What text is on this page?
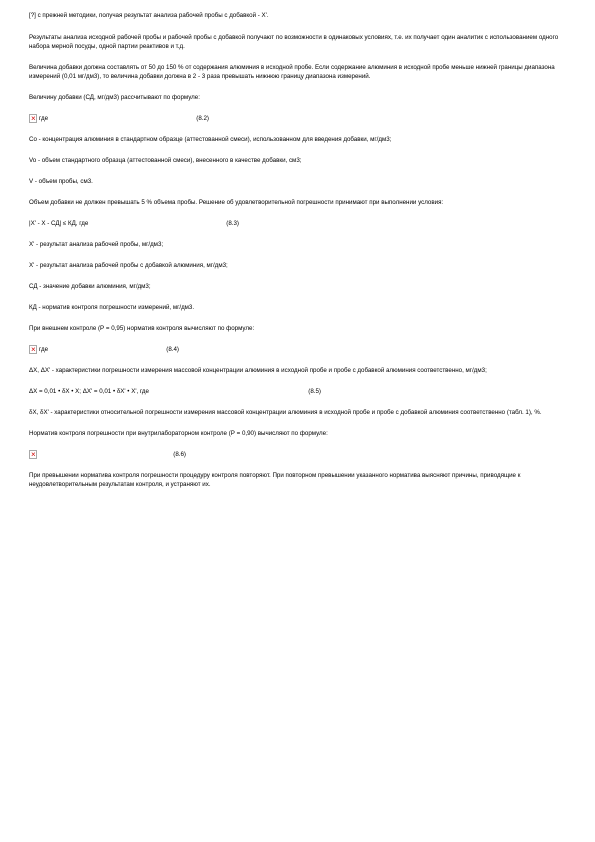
[?] с прежней методики, получая результат анализа рабочей пробы с добавкой - Х'.
Результаты анализа исходной рабочей пробы и рабочей пробы с добавкой получают по возможности в одинаковых условиях, т.е. их получает один аналитик с использованием одного набора мерной посуды, одной партии реактивов и т.д.
Величина добавки должна составлять от 50 до 150 % от содержания алюминия в исходной пробе. Если содержание алюминия в исходной пробе меньше нижней границы диапазона измерений (0,01 мг/дм3), то величина добавки должна в 2 - 3 раза превышать нижнюю границу диапазона измерений.
Величину добавки (СД, мг/дм3) рассчитывают по формуле:
×
где	(8.2)
Сo - концентрация алюминия в стандартном образце (аттестованной смеси), использованном для введения добавки, мг/дм3;
Vo - объем стандартного образца (аттестованной смеси), внесенного в качестве добавки, см3;
V - объем пробы, см3.
Объем добавки не должен превышать 5 % объема пробы. Решение об удовлетворительной погрешности принимают при выполнении условия:
|Х' - Х - СД| ≤ КД, где	(8.3)
Х' - результат анализа рабочей пробы, мг/дм3;
Х' - результат анализа рабочей пробы с добавкой алюминия, мг/дм3;
СД - значение добавки алюминия, мг/дм3;
КД - норматив контроля погрешности измерений, мг/дм3.
При внешнем контроле (Р = 0,95) норматив контроля вычисляют по формуле:
×
где	(8.4)
ΔХ, ΔХ' - характеристики погрешности измерения массовой концентрации алюминия в исходной пробе и пробе с добавкой алюминия соответственно, мг/дм3;
ΔХ = 0,01 • δХ • Х; ΔХ' = 0,01 • δХ' • Х', где	(8.5)
δХ, δХ' - характеристики относительной погрешности измерения массовой концентрации алюминия в исходной пробе и пробе с добавкой алюминия соответственно (табл. 1), %.
Норматив контроля погрешности при внутрилабораторном контроле (Р = 0,90) вычисляют по формуле:
×
(8.6)
При превышении норматива контроля погрешности процедуру контроля повторяют. При повторном превышении указанного норматива выясняют причины, приводящие к неудовлетворительным результатам контроля, и устраняют их.
